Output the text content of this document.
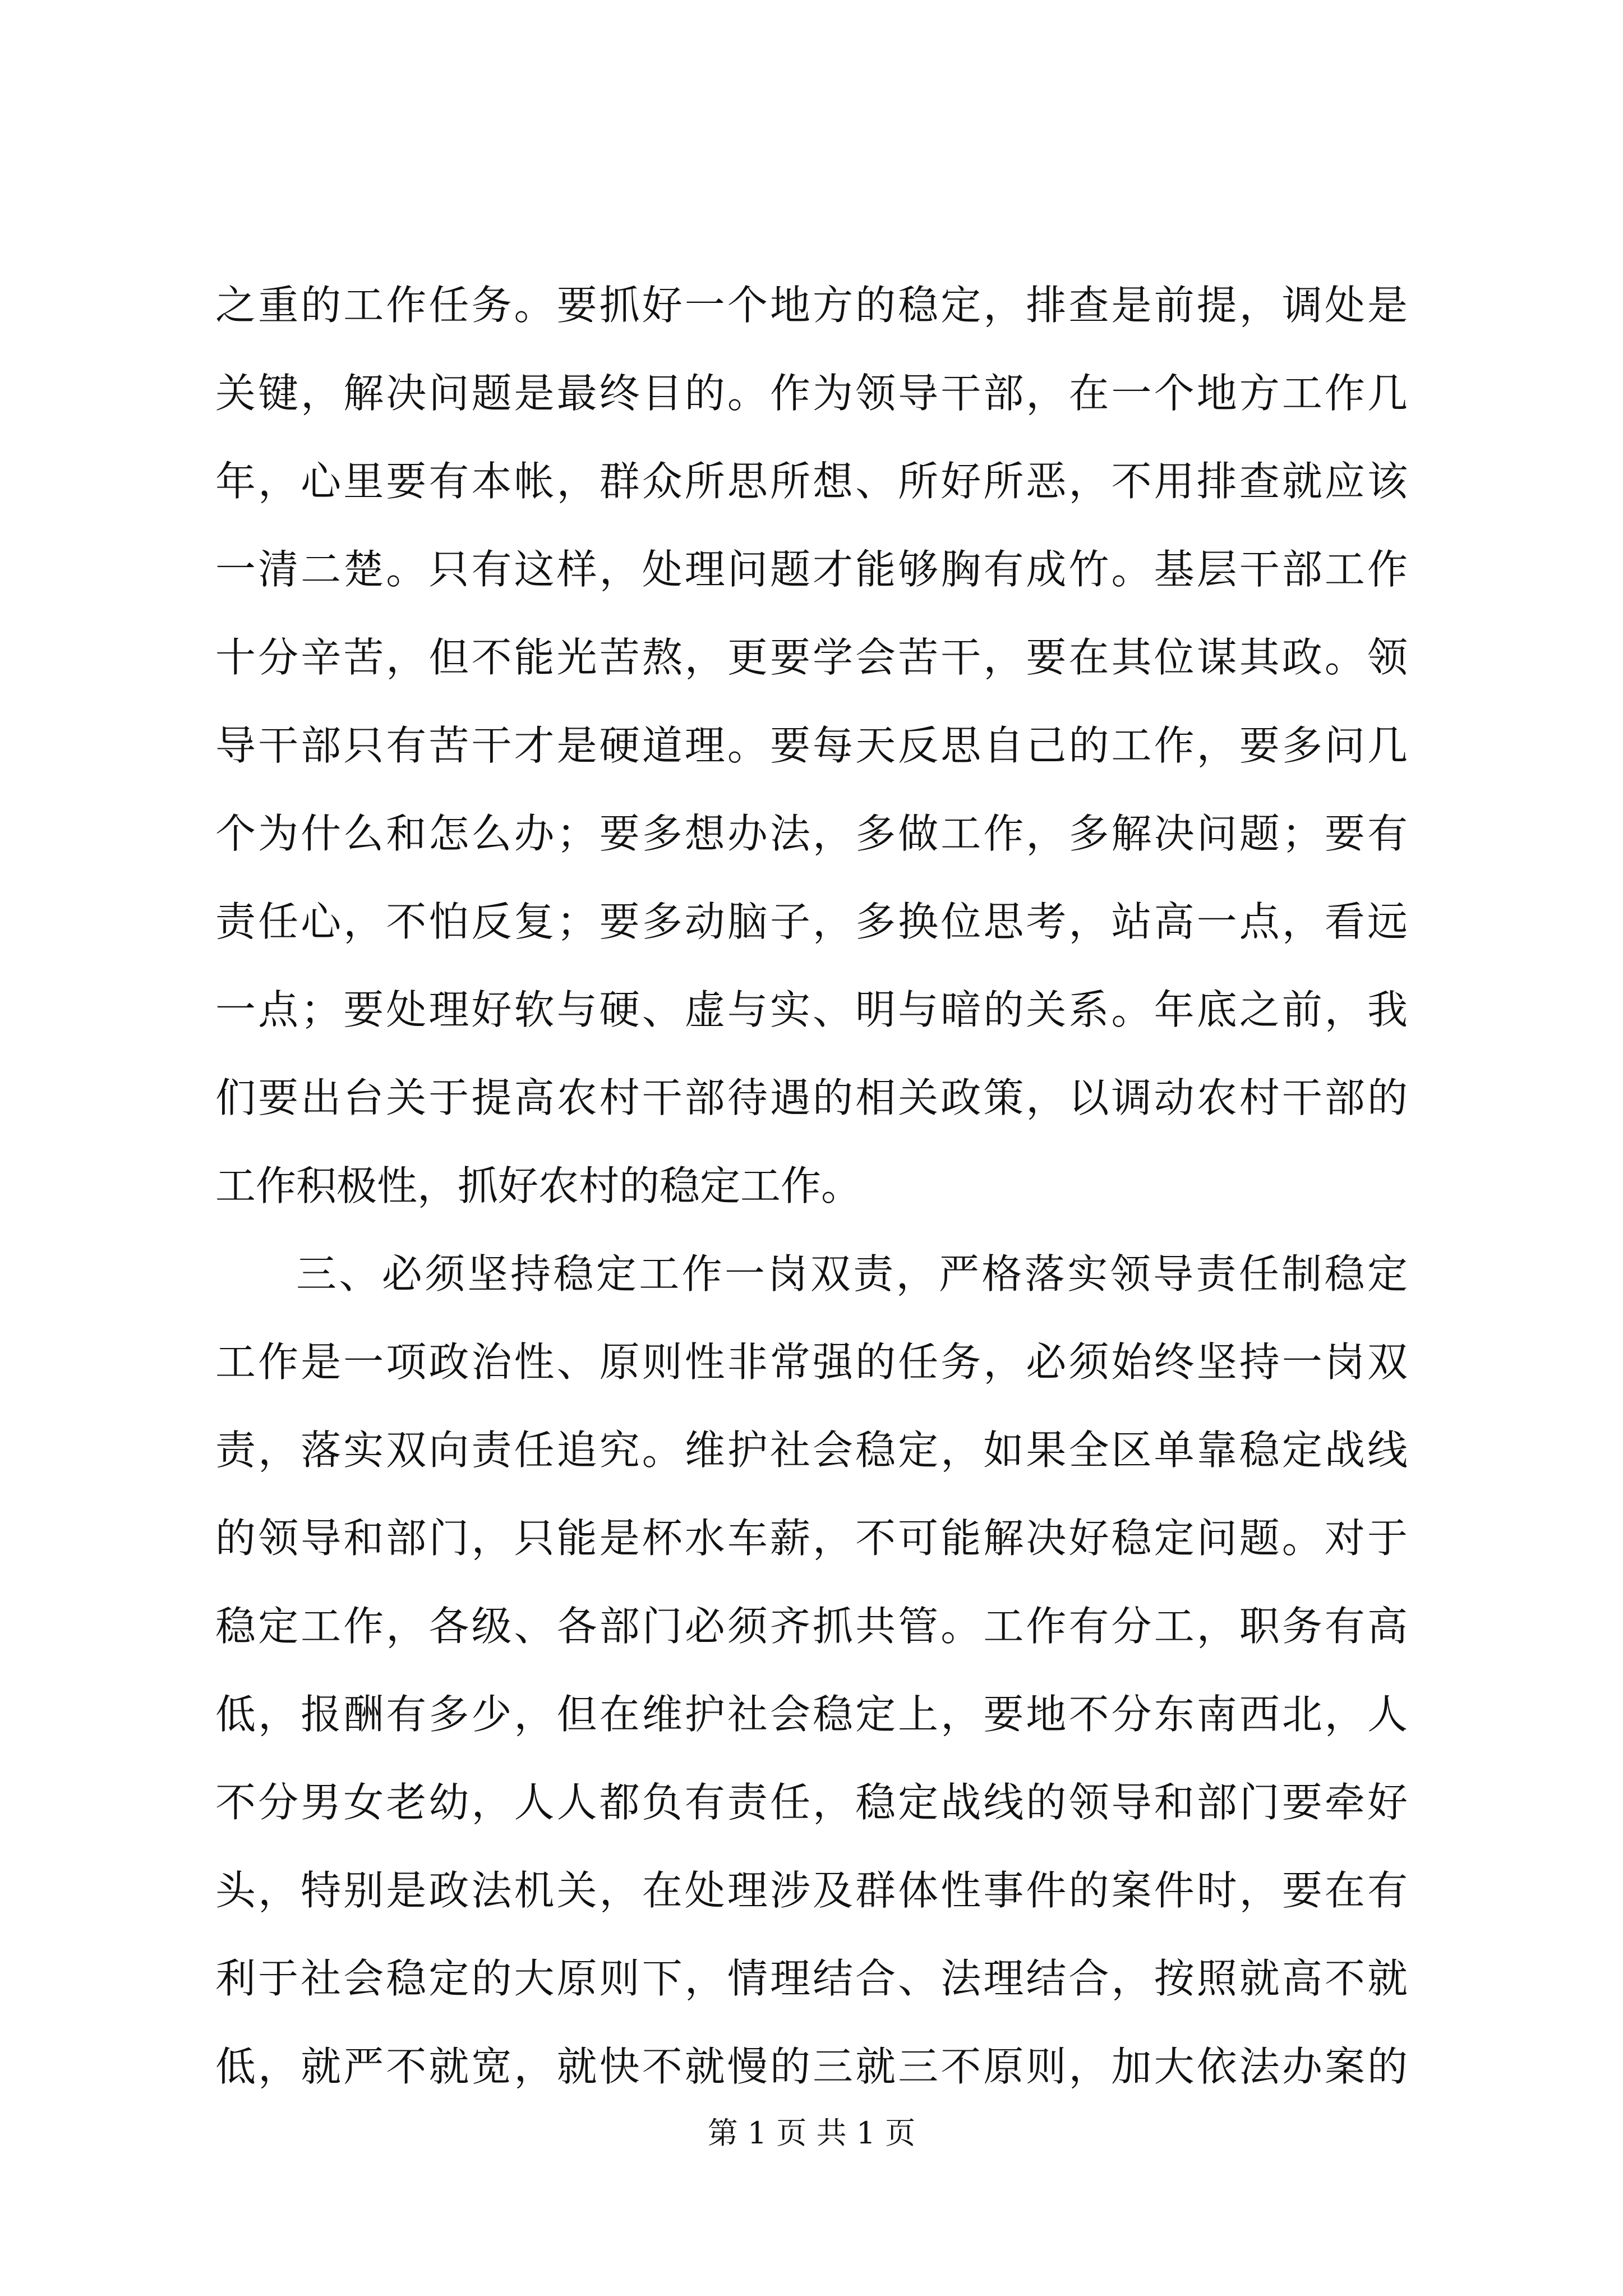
之重的工作任务。要抓好一个地方的稳定，排查是前提，调处是
关键，解决问题是最终目的。作为领导干部，在一个地方工作几
年，心里要有本帐，群众所思所想、所好所恶，不用排查就应该
一清二楚。只有这样，处理问题才能够胸有成竹。基层干部工作
十分辛苦，但不能光苦熬，更要学会苦干，要在其位谋其政。领
导干部只有苦干才是硬道理。要每天反思自己的工作，要多问几
个为什么和怎么办；要多想办法，多做工作，多解决问题；要有
责任心，不怕反复；要多动脑子，多换位思考，站高一点，看远
一点；要处理好软与硬、虚与实、明与暗的关系。年底之前，我
们要出台关于提高农村干部待遇的相关政策，以调动农村干部的
工作积极性，抓好农村的稳定工作。
三、必须坚持稳定工作一岗双责，严格落实领导责任制稳定
工作是一项政治性、原则性非常强的任务，必须始终坚持一岗双
责，落实双向责任追究。维护社会稳定，如果全区单靠稳定战线
的领导和部门，只能是杯水车薪，不可能解决好稳定问题。对于
稳定工作，各级、各部门必须齐抓共管。工作有分工，职务有高
低，报酬有多少，但在维护社会稳定上，要地不分东南西北，人
不分男女老幼，人人都负有责任，稳定战线的领导和部门要牵好
头，特别是政法机关，在处理涉及群体性事件的案件时，要在有
利于社会稳定的大原则下，情理结合、法理结合，按照就高不就
低，就严不就宽，就快不就慢的三就三不原则，加大依法办案的
第 1 页 共 1 页
